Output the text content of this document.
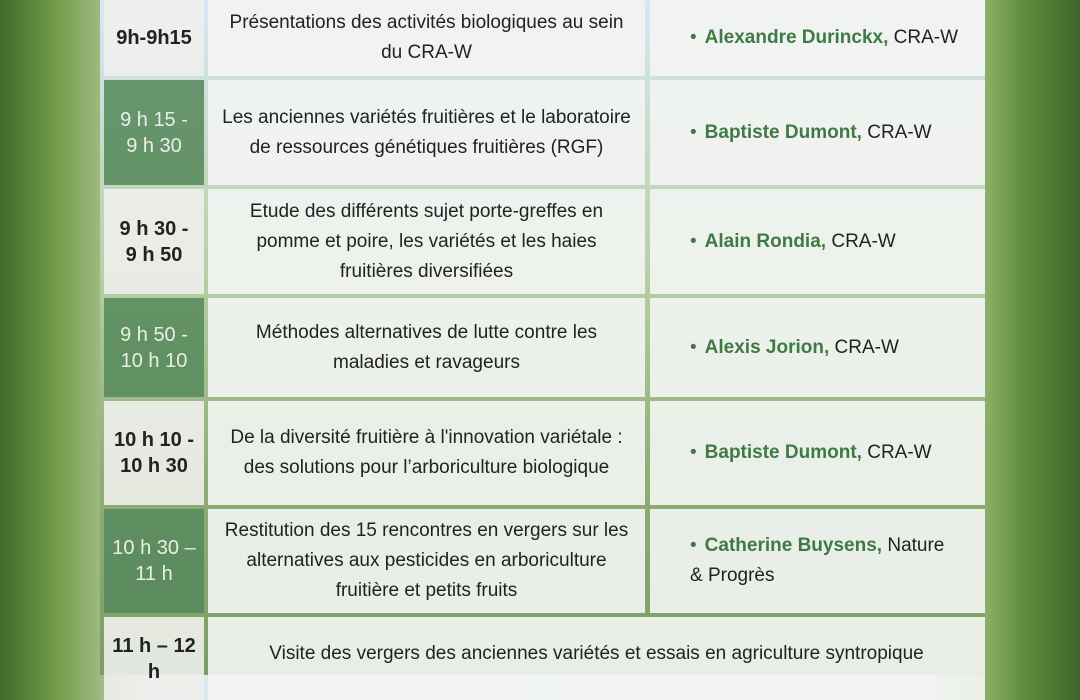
9h-9h15
Présentations des activités biologiques au sein du CRA-W
• Alexandre Durinckx, CRA-W
9 h 15 - 9 h 30
Les anciennes variétés fruitières et le laboratoire de ressources génétiques fruitières (RGF)
• Baptiste Dumont, CRA-W
9 h 30 - 9 h 50
Etude des différents sujet porte-greffes en pomme et poire, les variétés et les haies fruitières diversifiées
• Alain Rondia, CRA-W
9 h 50 - 10 h 10
Méthodes alternatives de lutte contre les maladies et ravageurs
• Alexis Jorion, CRA-W
10 h 10 - 10 h 30
De la diversité fruitière à l'innovation variétale : des solutions pour l’arboriculture biologique
• Baptiste Dumont, CRA-W
10 h 30 – 11 h
Restitution des 15 rencontres en vergers sur les alternatives aux pesticides en arboriculture fruitière et petits fruits
• Catherine Buysens, Nature & Progrès
11 h – 12 h
Visite des vergers des anciennes variétés et essais en agriculture syntropique
